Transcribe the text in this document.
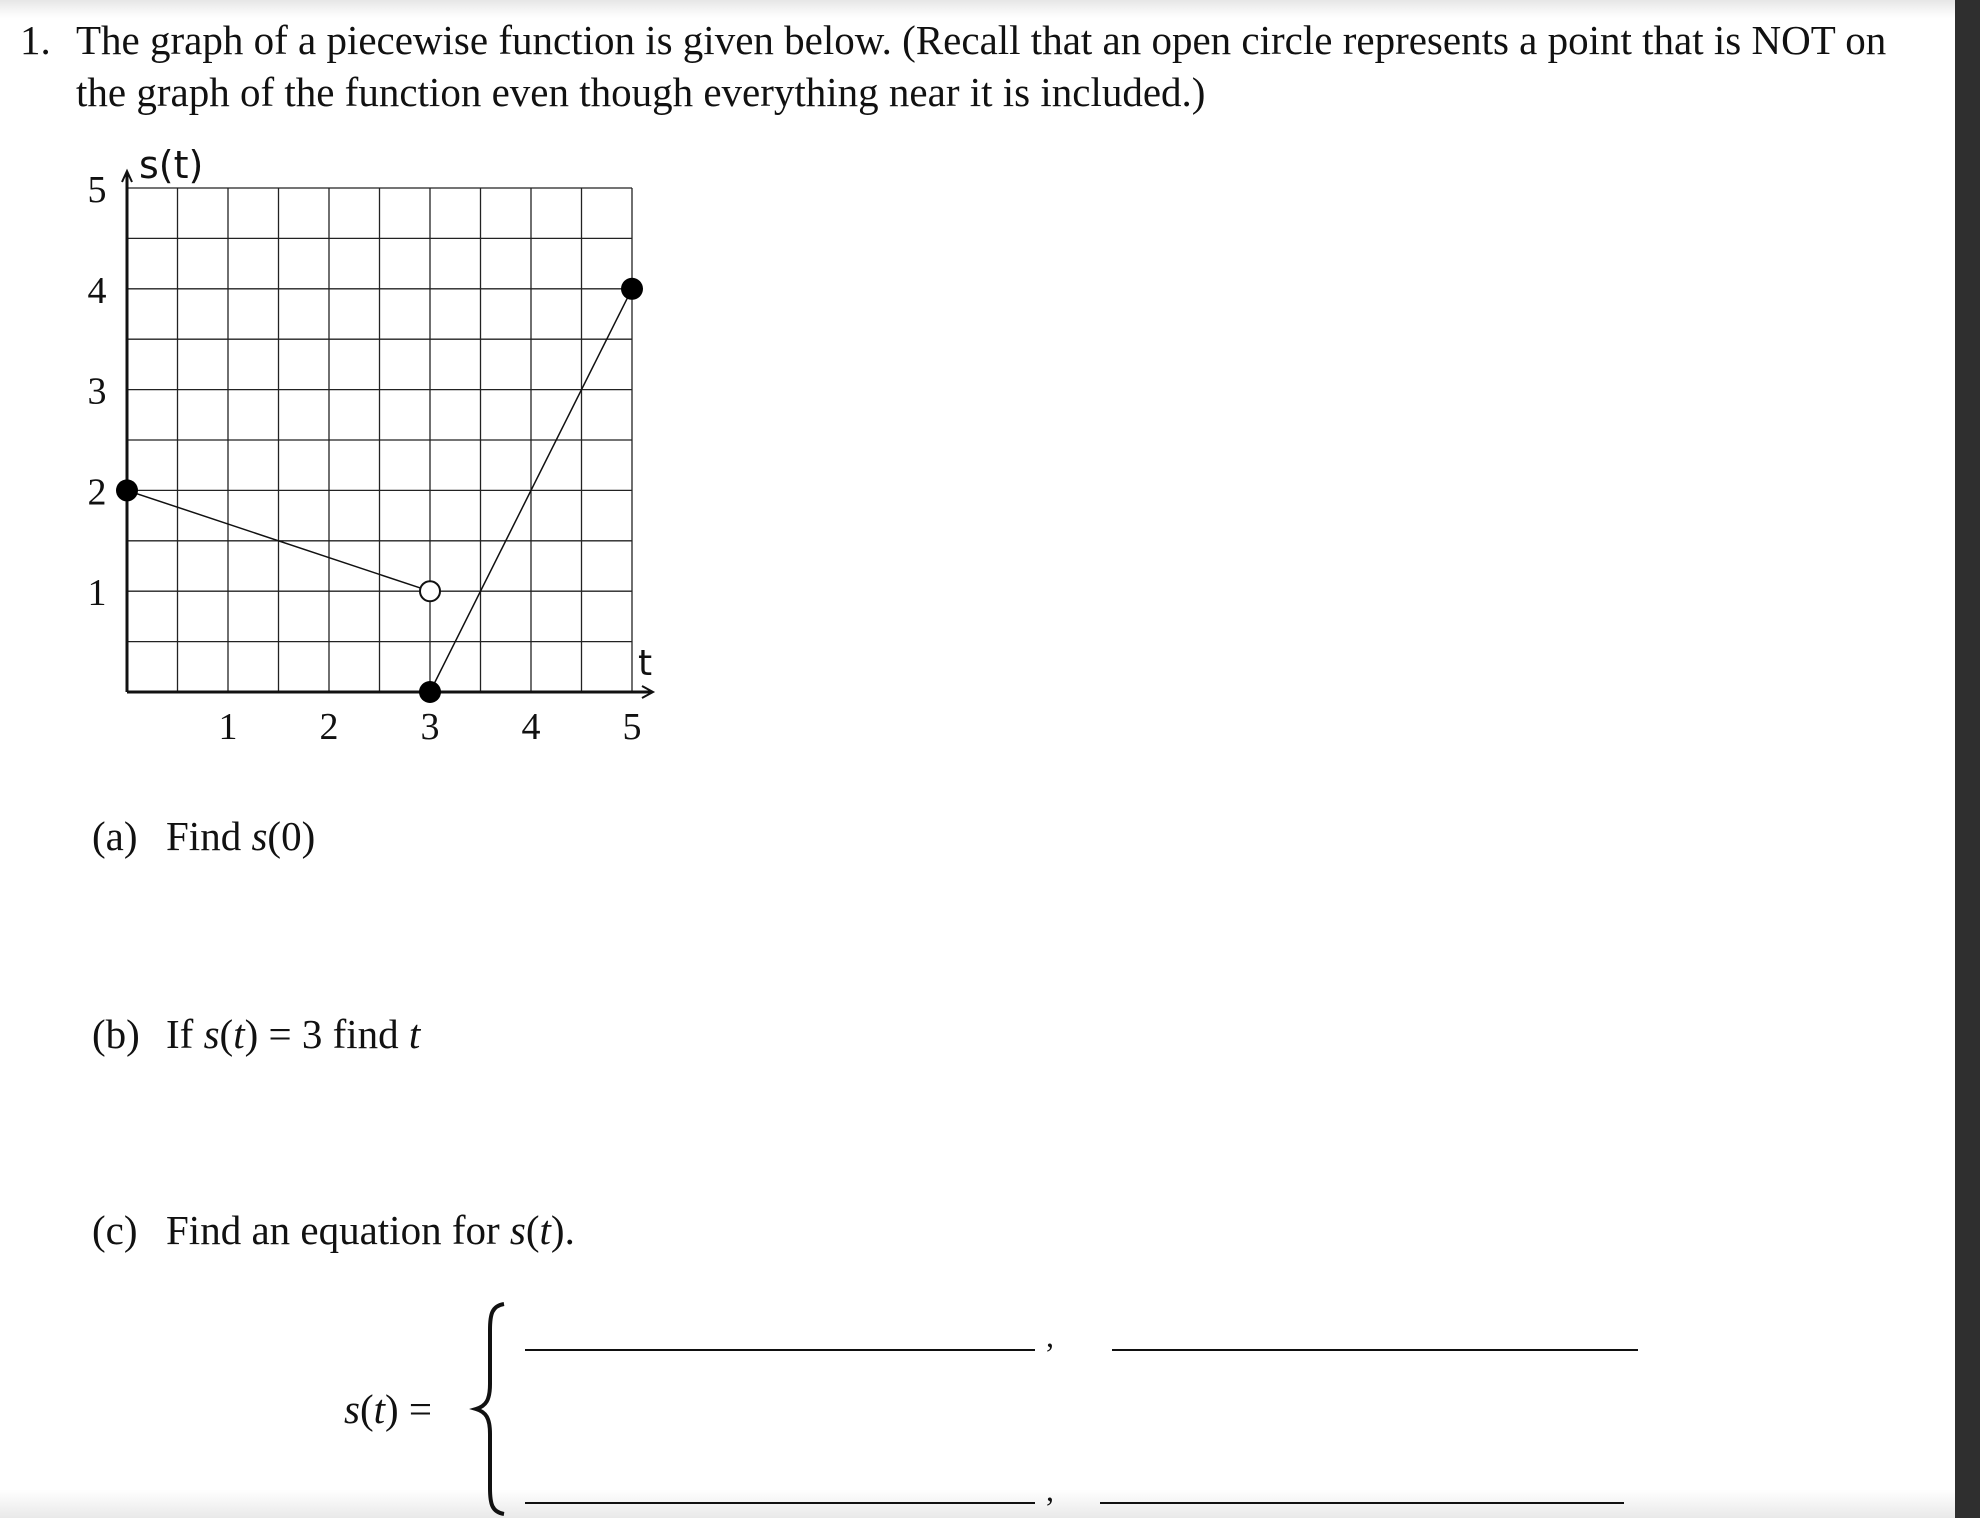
1. The graph of a piecewise function is given below. (Recall that an open circle represents a point that is NOT on the graph of the function even though everything near it is included.)
1 2 3 4 5
1
2
3
4
5
s(t)
t
(a) Find s(0)
(b) If s(t) = 3 find t
(c) Find an equation for s(t).
s(t) =
,
,
